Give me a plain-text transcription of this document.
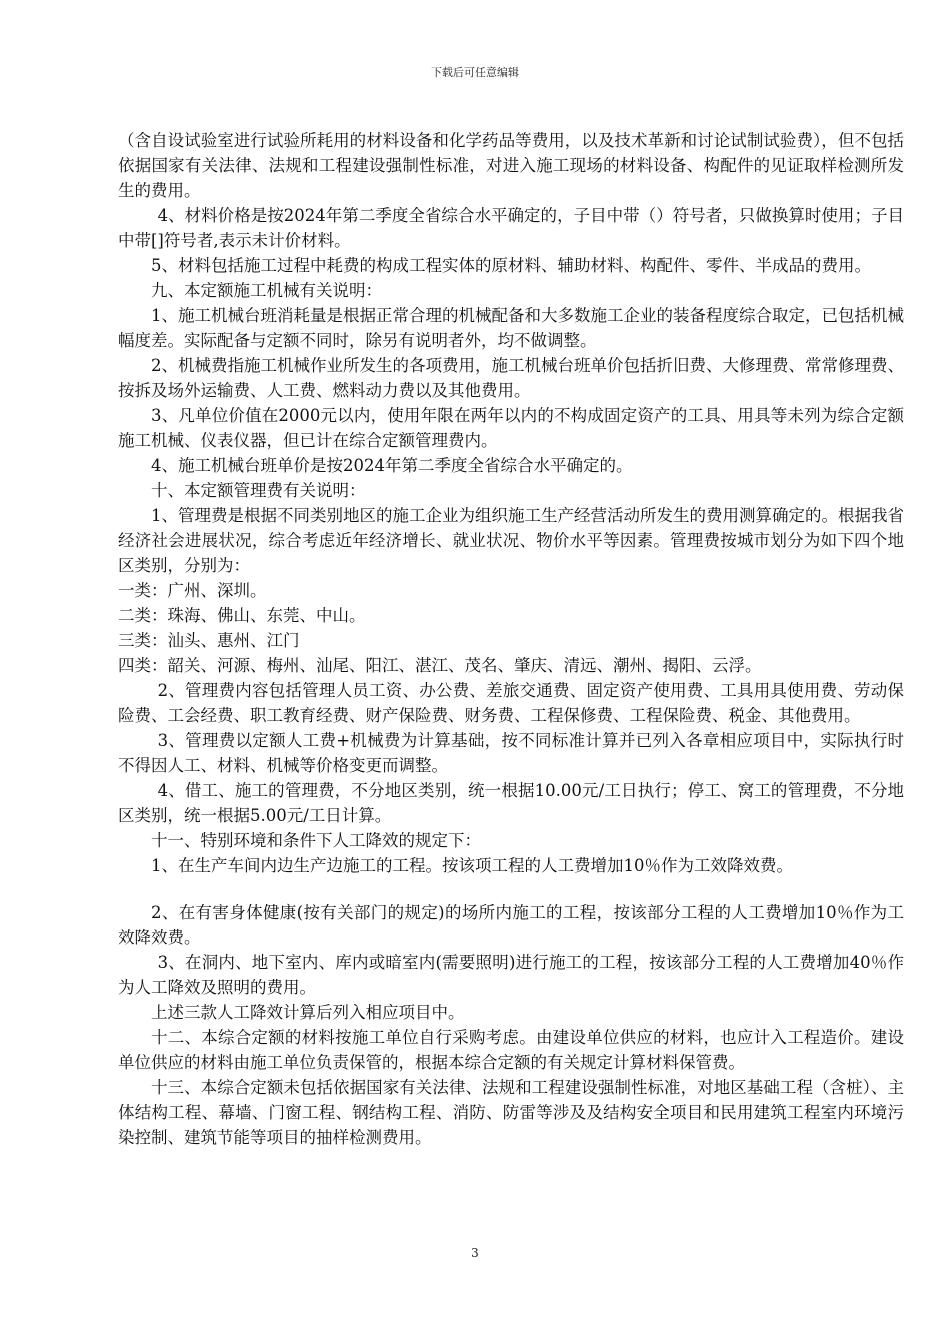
下载后可任意编辑

（含自设试验室进行试验所耗用的材料设备和化学药品等费用，以及技术革新和讨论试制试验费），但不包括依据国家有关法律、法规和工程建设强制性标准，对进入施工现场的材料设备、构配件的见证取样检测所发生的费用。

4、材料价格是按2024年第二季度全省综合水平确定的，子目中带（）符号者，只做换算时使用；子目中带[]符号者,表示未计价材料。

5、材料包括施工过程中耗费的构成工程实体的原材料、辅助材料、构配件、零件、半成品的费用。

九、本定额施工机械有关说明：

1、施工机械台班消耗量是根据正常合理的机械配备和大多数施工企业的装备程度综合取定，已包括机械幅度差。实际配备与定额不同时，除另有说明者外，均不做调整。

2、机械费指施工机械作业所发生的各项费用，施工机械台班单价包括折旧费、大修理费、常常修理费、按拆及场外运输费、人工费、燃料动力费以及其他费用。

3、凡单位价值在2000元以内，使用年限在两年以内的不构成固定资产的工具、用具等未列为综合定额施工机械、仪表仪器，但已计在综合定额管理费内。

4、施工机械台班单价是按2024年第二季度全省综合水平确定的。

十、本定额管理费有关说明：

1、管理费是根据不同类别地区的施工企业为组织施工生产经营活动所发生的费用测算确定的。根据我省经济社会进展状况，综合考虑近年经济增长、就业状况、物价水平等因素。管理费按城市划分为如下四个地区类别，分别为：

一类：广州、深圳。

二类：珠海、佛山、东莞、中山。

三类：汕头、惠州、江门

四类：韶关、河源、梅州、汕尾、阳江、湛江、茂名、肇庆、清远、潮州、揭阳、云浮。

2、管理费内容包括管理人员工资、办公费、差旅交通费、固定资产使用费、工具用具使用费、劳动保险费、工会经费、职工教育经费、财产保险费、财务费、工程保修费、工程保险费、税金、其他费用。

3、管理费以定额人工费+机械费为计算基础，按不同标准计算并已列入各章相应项目中，实际执行时不得因人工、材料、机械等价格变更而调整。

4、借工、施工的管理费，不分地区类别，统一根据10.00元/工日执行；停工、窝工的管理费，不分地区类别，统一根据5.00元/工日计算。

十一、特别环境和条件下人工降效的规定下：

1、在生产车间内边生产边施工的工程。按该项工程的人工费增加10％作为工效降效费。

2、在有害身体健康(按有关部门的规定)的场所内施工的工程，按该部分工程的人工费增加10％作为工效降效费。

3、在洞内、地下室内、库内或暗室内(需要照明)进行施工的工程，按该部分工程的人工费增加40％作为人工降效及照明的费用。

上述三款人工降效计算后列入相应项目中。

十二、本综合定额的材料按施工单位自行采购考虑。由建设单位供应的材料，也应计入工程造价。建设单位供应的材料由施工单位负责保管的，根据本综合定额的有关规定计算材料保管费。

十三、本综合定额未包括依据国家有关法律、法规和工程建设强制性标准，对地区基础工程（含桩）、主体结构工程、幕墙、门窗工程、钢结构工程、消防、防雷等涉及及结构安全项目和民用建筑工程室内环境污染控制、建筑节能等项目的抽样检测费用。

3
